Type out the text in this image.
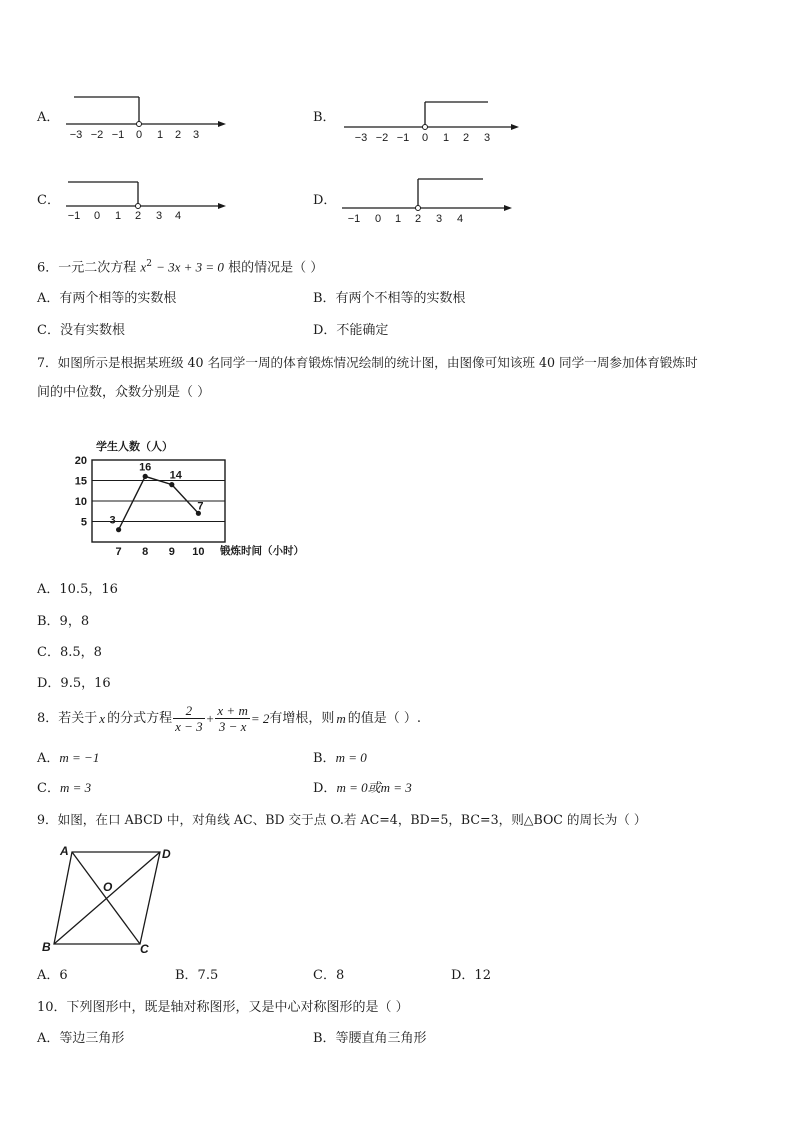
A．
−3 −2 −1 0 1 2 3
B．
−3 −2 −1 0 1 2 3
C．
−1 0 1 2 3 4
D．
−1 0 1 2 3 4
6．一元二次方程 $x^2 - 3x + 3 = 0$ 根的情况是（ ）
A．有两个相等的实数根	B．有两个不相等的实数根
C．没有实数根	D．不能确定
7．如图所示是根据某班级 40 名同学一周的体育锻炼情况绘制的统计图，由图像可知该班 40 同学一周参加体育锻炼时
间的中位数，众数分别是（ ）
5
10
15
20
7 8 9 10
学生人数（人）
锻炼时间（小时）
3
16
14
7
A．10.5，16
B．9，8
C．8.5，8
D．9.5，16
8．若关于 x 的分式方程 $\frac{2}{x - 3} + \frac{x + m}{3 - x} = 2$ 有增根，则 m 的值是（ ）.
A．m = −1	B．m = 0
C．m = 3	D．m = 0或m = 3
9．如图，在口 ABCD 中，对角线 AC、BD 交于点 O.若 AC=4，BD=5，BC=3，则△BOC 的周长为（ ）
A	D
B	C
O
A．6	B．7.5	C．8	D．12
10．下列图形中，既是轴对称图形，又是中心对称图形的是（ ）
A．等边三角形	B．等腰直角三角形
